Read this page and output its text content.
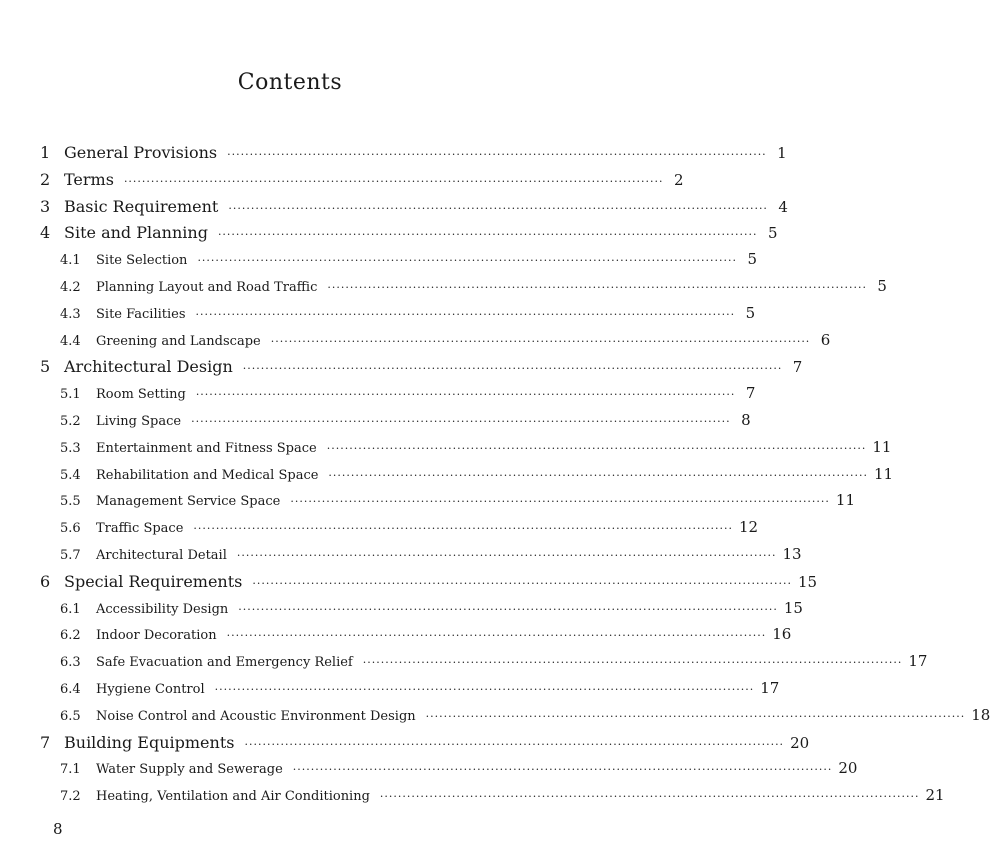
Contents
1 General Provisions ························································································································ 1
2 Terms ························································································································ 2
3 Basic Requirement ························································································································ 4
4 Site and Planning ························································································································ 5
4.1	Site Selection ························································································································ 5
4.2	Planning Layout and Road Traffic ························································································································ 5
4.3	Site Facilities ························································································································ 5
4.4	Greening and Landscape ························································································································ 6
5 Architectural Design ························································································································ 7
5.1	Room Setting ························································································································ 7
5.2	Living Space ························································································································ 8
5.3	Entertainment and Fitness Space ························································································································ 11
5.4	Rehabilitation and Medical Space ························································································································ 11
5.5	Management Service Space ························································································································ 11
5.6	Traffic Space ························································································································ 12
5.7	Architectural Detail ························································································································ 13
6 Special Requirements ························································································································ 15
6.1	Accessibility Design ························································································································ 15
6.2	Indoor Decoration ························································································································ 16
6.3	Safe Evacuation and Emergency Relief ························································································································ 17
6.4	Hygiene Control ························································································································ 17
6.5	Noise Control and Acoustic Environment Design ························································································································ 18
7 Building Equipments ························································································································ 20
7.1	Water Supply and Sewerage ························································································································ 20
7.2	Heating, Ventilation and Air Conditioning ························································································································ 21
8
